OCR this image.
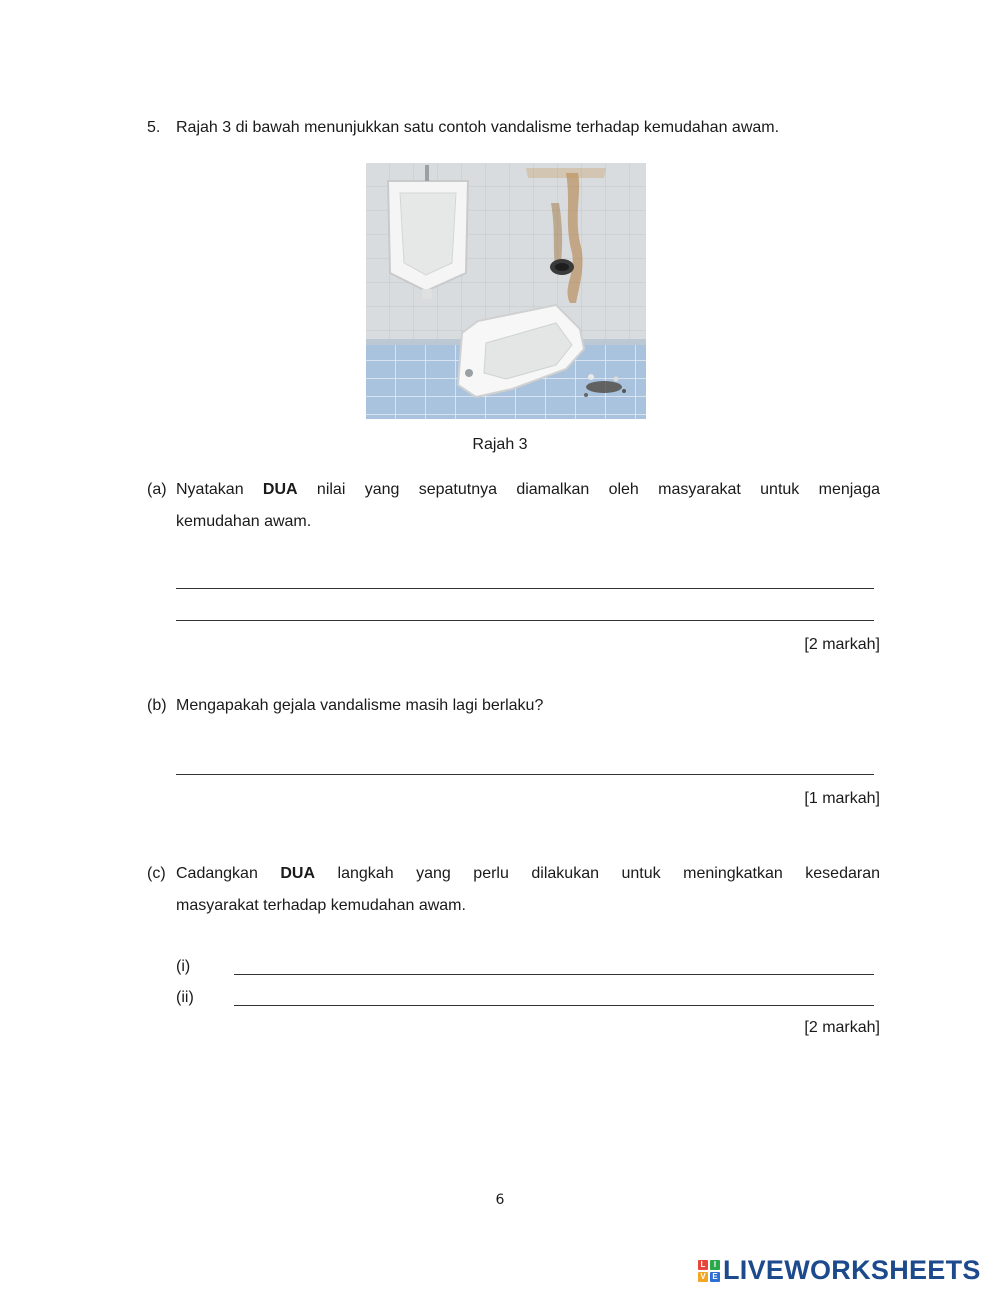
5. Rajah 3 di bawah menunjukkan satu contoh vandalisme terhadap kemudahan awam.
Rajah 3
(a) Nyatakan DUA nilai yang sepatutnya diamalkan oleh masyarakat untuk menjaga
kemudahan awam.
[2 markah]
(b) Mengapakah gejala vandalisme masih lagi berlaku?
[1 markah]
(c) Cadangkan DUA langkah yang perlu dilakukan untuk meningkatkan kesedaran
masyarakat terhadap kemudahan awam.
(i)
(ii)
[2 markah]
6
L	I
V E LIVEWORKSHEETS
